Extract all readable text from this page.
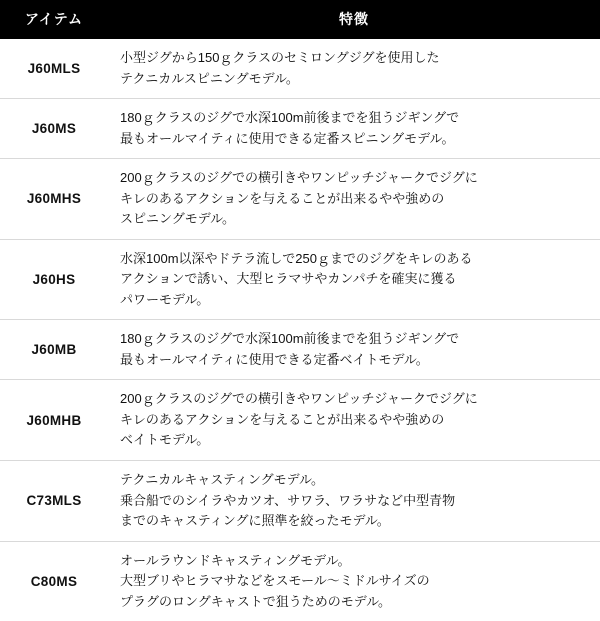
アイテム	特徴
J60MLS	小型ジグから150ｇクラスのセミロングジグを使用した
テクニカルスピニングモデル。

J60MS	180ｇクラスのジグで水深100m前後までを狙うジギングで
最もオールマイティに使用できる定番スピニングモデル。

J60MHS	200ｇクラスのジグでの横引きやワンピッチジャークでジグに
キレのあるアクションを与えることが出来るやや強めの
スピニングモデル。

J60HS	水深100m以深やドテラ流しで250ｇまでのジグをキレのある
アクションで誘い、大型ヒラマサやカンパチを確実に獲る
パワーモデル。

J60MB	180ｇクラスのジグで水深100m前後までを狙うジギングで
最もオールマイティに使用できる定番ベイトモデル。

J60MHB	200ｇクラスのジグでの横引きやワンピッチジャークでジグに
キレのあるアクションを与えることが出来るやや強めの
ベイトモデル。

C73MLS	テクニカルキャスティングモデル。
乗合船でのシイラやカツオ、サワラ、ワラサなど中型青物
までのキャスティングに照準を絞ったモデル。

C80MS	オールラウンドキャスティングモデル。
大型ブリやヒラマサなどをスモール～ミドルサイズの
プラグのロングキャストで狙うためのモデル。
